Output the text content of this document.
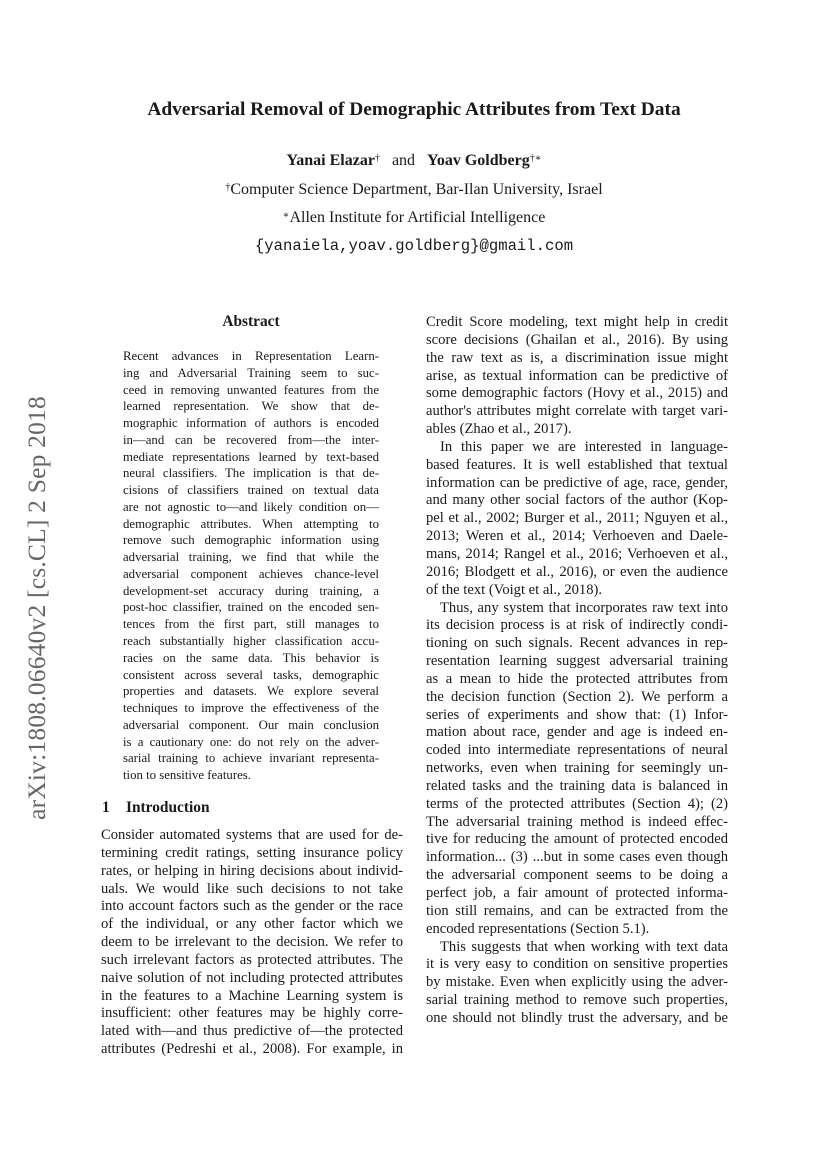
arXiv:1808.06640v2 [cs.CL] 2 Sep 2018
Adversarial Removal of Demographic Attributes from Text Data
Yanai Elazar† and Yoav Goldberg†∗
†Computer Science Department, Bar-Ilan University, Israel
∗Allen Institute for Artificial Intelligence
{yanaiela,yoav.goldberg}@gmail.com
Abstract
Recent advances in Representation Learn-
ing and Adversarial Training seem to suc-
ceed in removing unwanted features from the
learned representation. We show that de-
mographic information of authors is encoded
in—and can be recovered from—the inter-
mediate representations learned by text-based
neural classifiers. The implication is that de-
cisions of classifiers trained on textual data
are not agnostic to—and likely condition on—
demographic attributes. When attempting to
remove such demographic information using
adversarial training, we find that while the
adversarial component achieves chance-level
development-set accuracy during training, a
post-hoc classifier, trained on the encoded sen-
tences from the first part, still manages to
reach substantially higher classification accu-
racies on the same data. This behavior is
consistent across several tasks, demographic
properties and datasets. We explore several
techniques to improve the effectiveness of the
adversarial component. Our main conclusion
is a cautionary one: do not rely on the adver-
sarial training to achieve invariant representa-
tion to sensitive features.
1 Introduction
Consider automated systems that are used for de-
termining credit ratings, setting insurance policy
rates, or helping in hiring decisions about individ-
uals. We would like such decisions to not take
into account factors such as the gender or the race
of the individual, or any other factor which we
deem to be irrelevant to the decision. We refer to
such irrelevant factors as protected attributes. The
naive solution of not including protected attributes
in the features to a Machine Learning system is
insufficient: other features may be highly corre-
lated with—and thus predictive of—the protected
attributes (Pedreshi et al., 2008). For example, in
Credit Score modeling, text might help in credit
score decisions (Ghailan et al., 2016). By using
the raw text as is, a discrimination issue might
arise, as textual information can be predictive of
some demographic factors (Hovy et al., 2015) and
author's attributes might correlate with target vari-
ables (Zhao et al., 2017).
In this paper we are interested in language-
based features. It is well established that textual
information can be predictive of age, race, gender,
and many other social factors of the author (Kop-
pel et al., 2002; Burger et al., 2011; Nguyen et al.,
2013; Weren et al., 2014; Verhoeven and Daele-
mans, 2014; Rangel et al., 2016; Verhoeven et al.,
2016; Blodgett et al., 2016), or even the audience
of the text (Voigt et al., 2018).
Thus, any system that incorporates raw text into
its decision process is at risk of indirectly condi-
tioning on such signals. Recent advances in rep-
resentation learning suggest adversarial training
as a mean to hide the protected attributes from
the decision function (Section 2). We perform a
series of experiments and show that: (1) Infor-
mation about race, gender and age is indeed en-
coded into intermediate representations of neural
networks, even when training for seemingly un-
related tasks and the training data is balanced in
terms of the protected attributes (Section 4); (2)
The adversarial training method is indeed effec-
tive for reducing the amount of protected encoded
information... (3) ...but in some cases even though
the adversarial component seems to be doing a
perfect job, a fair amount of protected informa-
tion still remains, and can be extracted from the
encoded representations (Section 5.1).
This suggests that when working with text data
it is very easy to condition on sensitive properties
by mistake. Even when explicitly using the adver-
sarial training method to remove such properties,
one should not blindly trust the adversary, and be
